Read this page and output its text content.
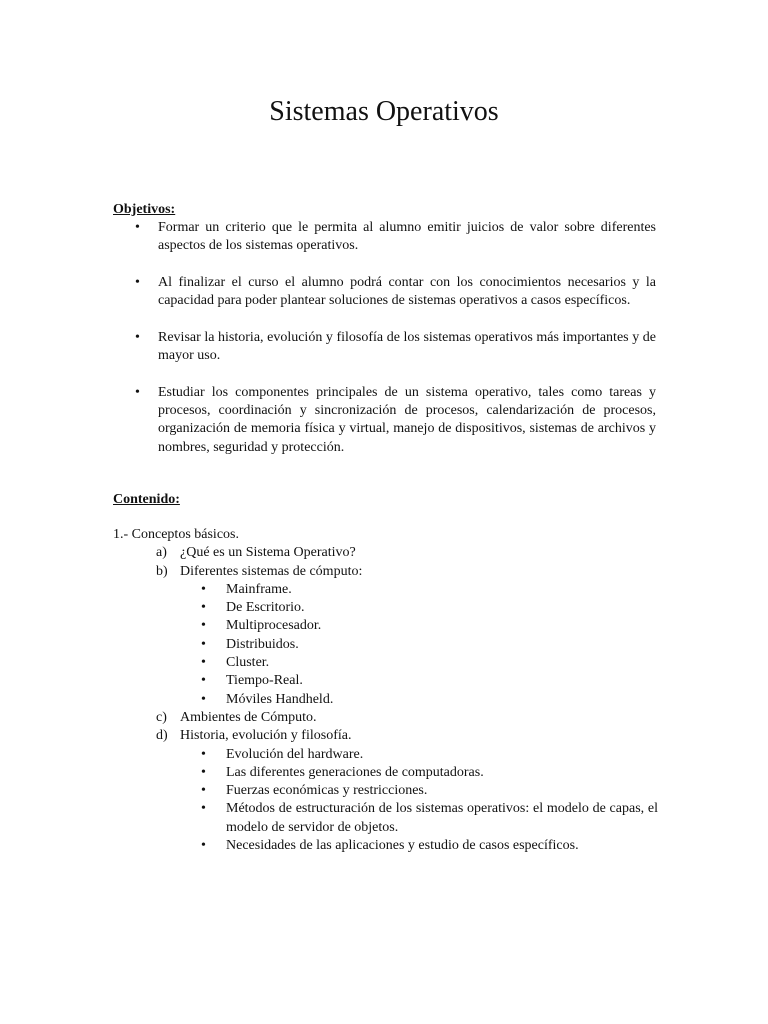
Sistemas Operativos

Objetivos:

• Formar un criterio que le permita al alumno emitir juicios de valor sobre diferentes aspectos de los sistemas operativos.
• Al finalizar el curso el alumno podrá contar con los conocimientos necesarios y la capacidad para poder plantear soluciones de sistemas operativos a casos específicos.
• Revisar la historia, evolución y filosofía de los sistemas operativos más importantes y de mayor uso.
• Estudiar los componentes principales de un sistema operativo, tales como tareas y procesos, coordinación y sincronización de procesos, calendarización de procesos, organización de memoria física y virtual, manejo de dispositivos, sistemas de archivos y nombres, seguridad y protección.

Contenido:

1.- Conceptos básicos.

a) ¿Qué es un Sistema Operativo?

b) Diferentes sistemas de cómputo:

• Mainframe.

• De Escritorio.

• Multiprocesador.

• Distribuidos.

• Cluster.

• Tiempo-Real.

• Móviles Handheld.

c) Ambientes de Cómputo.

d) Historia, evolución y filosofía.

• Evolución del hardware.

• Las diferentes generaciones de computadoras.

• Fuerzas económicas y restricciones.

• Métodos de estructuración de los sistemas operativos: el modelo de capas, el modelo de servidor de objetos.

• Necesidades de las aplicaciones y estudio de casos específicos.
